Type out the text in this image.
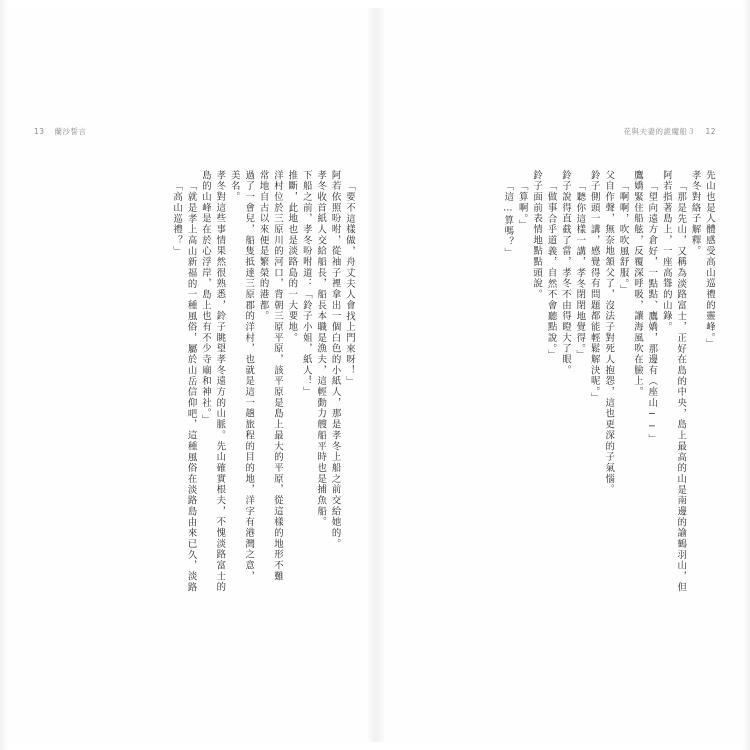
13 蘭沙誓言	花與夫妻的詭魔船３ 12
「要不這樣做，舟丈夫人會找上門來呀！」
阿若依照吩咐，從袖子裡拿出一個白色的小紙人，那是孝冬上船之前交給她的。
孝冬收首紙人交給船長，船長本職是漁夫，這輕動力艘船平時也是捕魚船。
下船之前，孝冬吩咐道：「鈴子小姐，紙人！」
推斷，此地也是淡路島的一大要地。
洋村位於三原川的河口，背朝三原平原，該平原是島上最大的平原，從這樣的地形不難
常地自古以來便是繁榮的港都。
過了一會兒，船隻抵達三原郡的洋村，也就是這一趟旅程的目的地，洋字有港灣之意，
美名。
孝冬對這些事情果然很熟悉，鈴子眺望孝冬遠方的山脈。先山確實根夫，不愧淡路富士的
島的山峰是在於心浮岸，島上也有不少寺廟和神社。」
「就是孝上高山新福的一種風俗，屬於山岳信仰吧，這種風俗在淡路島由來已久，淡路
「高山巡禮？」	先山也是人體感受高山巡禮的靈峰。」
孝冬對絡子解釋。
「那是先山，又稱為淡路富士，正好在島的中央，島上最高的山是南邊的諭鶴羽山，但
阿若指著島上，一座高聳的山錄。
「望向遠方倉好，一點點、鷹嬌，那邊有（座山──」
鷹嬌緊住船舷，反覆深呼吸，讓海風吹在臉上。
「啊啊，吹吹風舒服。」
父自作聲，無奈地頷父了，沒法子對死人抱怨，這也更深的子氣惱。
鈴子側頭一講，感覺得有問題都能輕鬆解決呢。」
「聽你這樣一講，孝冬閉閉地覺得。」
鈴子說得直截了當，孝冬不由得瞪大了眼。
「做事合乎道義，自然不會聽點說。」
鈴子面前表情地點點頭說。
「算啊。」
「這…算嗎？」
